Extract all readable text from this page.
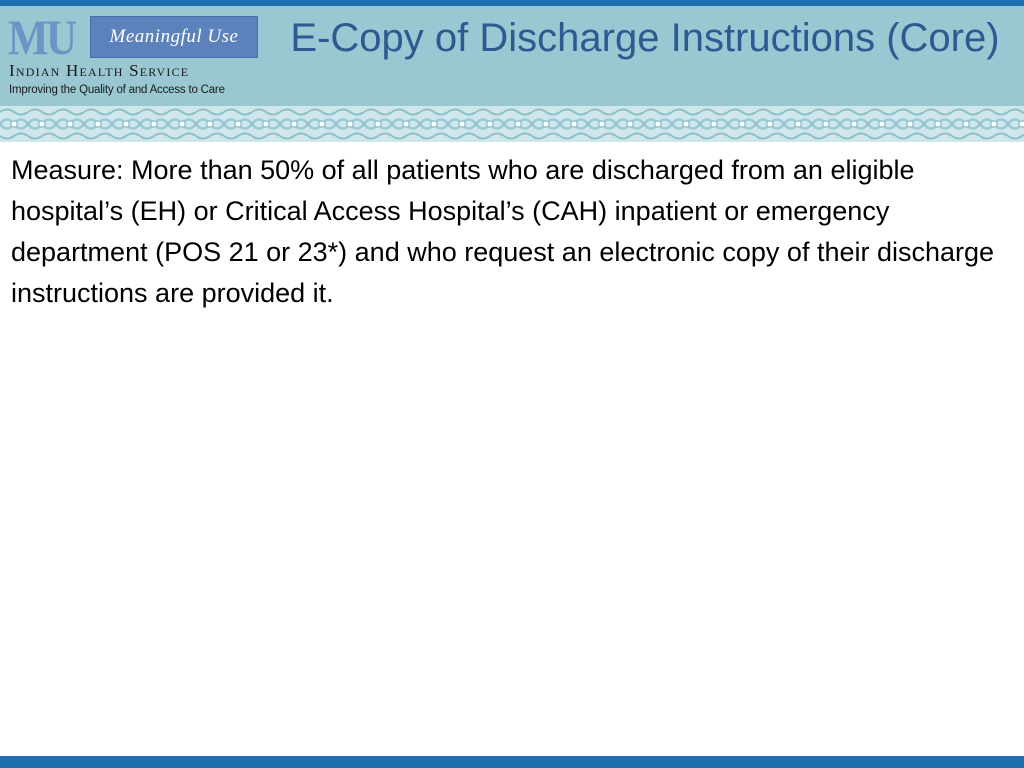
MU	Meaningful Use
Indian Health Service
Improving the Quality of and Access to Care
E-Copy of Discharge Instructions (Core)

Measure: More than 50% of all patients who are discharged from an eligible hospital’s (EH) or Critical Access Hospital’s (CAH) inpatient or emergency department (POS 21 or 23*) and who request an electronic copy of their discharge instructions are provided it.
